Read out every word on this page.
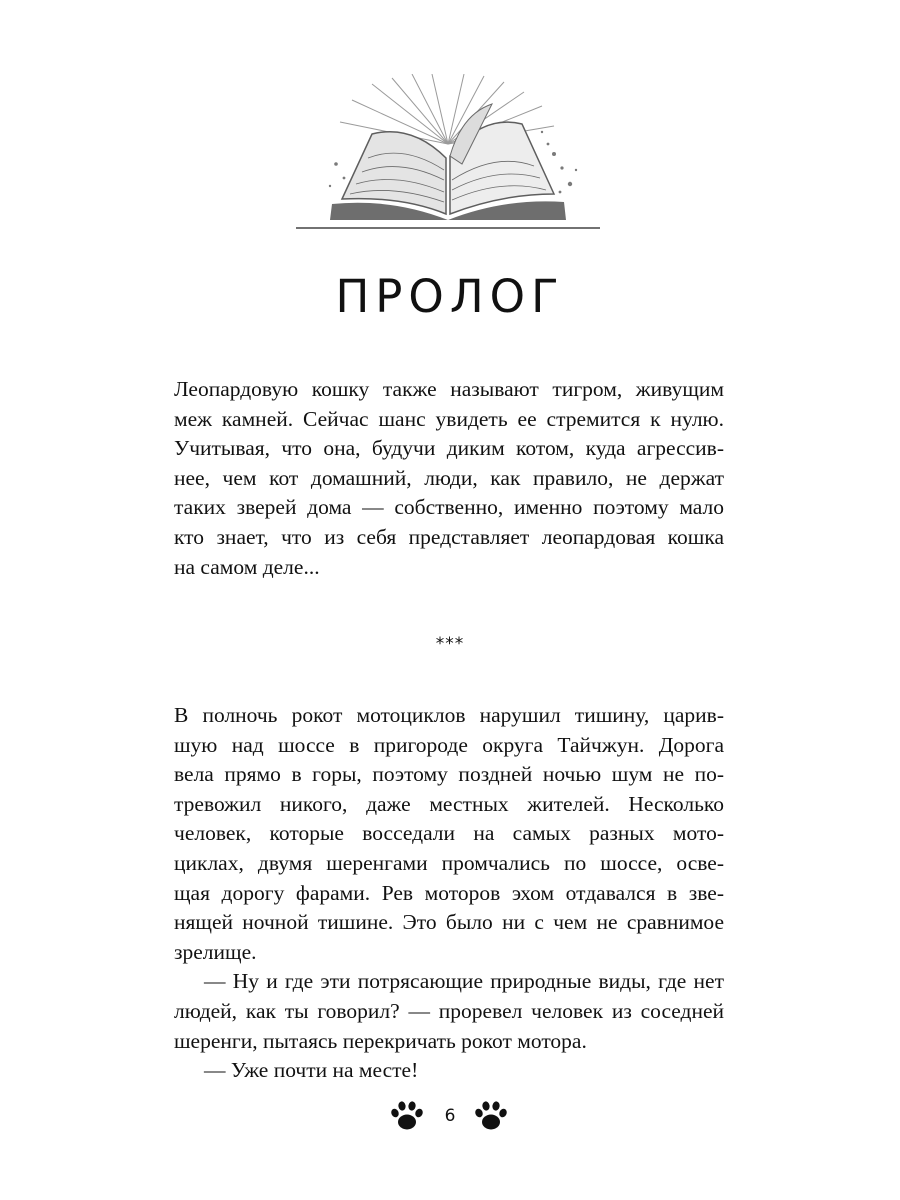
ПРОЛОГ
Леопардовую кошку также называют тигром, живущим
меж камней. Сейчас шанс увидеть ее стремится к нулю.
Учитывая, что она, будучи диким котом, куда агрессив-
нее, чем кот домашний, люди, как правило, не держат
таких зверей дома — собственно, именно поэтому мало
кто знает, что из себя представляет леопардовая кошка
на самом деле...
***
В полночь рокот мотоциклов нарушил тишину, царив-
шую над шоссе в пригороде округа Тайчжун. Дорога
вела прямо в горы, поэтому поздней ночью шум не по-
тревожил никого, даже местных жителей. Несколько
человек, которые восседали на самых разных мото-
циклах, двумя шеренгами промчались по шоссе, осве-
щая дорогу фарами. Рев моторов эхом отдавался в зве-
нящей ночной тишине. Это было ни с чем не сравнимое
зрелище.
— Ну и где эти потрясающие природные виды, где нет
людей, как ты говорил? — проревел человек из соседней
шеренги, пытаясь перекричать рокот мотора.
— Уже почти на месте!
6
